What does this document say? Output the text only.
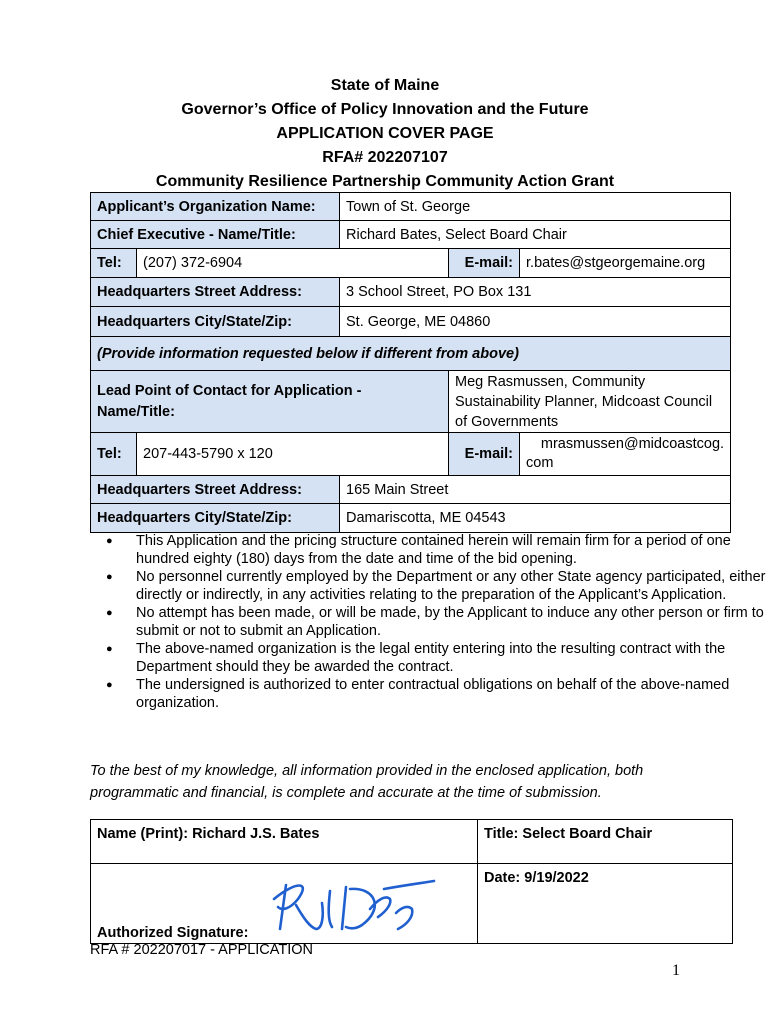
State of Maine
Governor’s Office of Policy Innovation and the Future
APPLICATION COVER PAGE
RFA# 202207107
Community Resilience Partnership Community Action Grant
Applicant’s Organization Name:		Town of St. George		
Chief Executive - Name/Title:		Richard Bates, Select Board Chair		
Tel:	(207) 372-6904		E-mail:	r.bates@stgeorgemaine.org
Headquarters Street Address:		3 School Street, PO Box 131		
Headquarters City/State/Zip:		St. George, ME 04860		
(Provide information requested below if different from above)				
Lead Point of Contact for Application - Name/Title:			Meg Rasmussen, Community Sustainability Planner, Midcoast Council of Governments	
Tel:	207-443-5790 x 120		E-mail:	mrasmussen@midcoastcog.
com

Headquarters Street Address:		165 Main Street		
Headquarters City/State/Zip:		Damariscotta, ME 04543		
● This Application and the pricing structure contained herein will remain firm for a period of one hundred eighty (180) days from the date and time of the bid opening.
● No personnel currently employed by the Department or any other State agency participated, either directly or indirectly, in any activities relating to the preparation of the Applicant’s Application.
● No attempt has been made, or will be made, by the Applicant to induce any other person or firm to submit or not to submit an Application.
● The above-named organization is the legal entity entering into the resulting contract with the Department should they be awarded the contract.
● The undersigned is authorized to enter contractual obligations on behalf of the above-named organization.
To the best of my knowledge, all information provided in the enclosed application, both programmatic and financial, is complete and accurate at the time of submission.
Name (Print): Richard J.S. Bates	Title: Select Board Chair

Authorized Signature:	Date: 9/19/2022
RFA # 202207017 - APPLICATION
1
